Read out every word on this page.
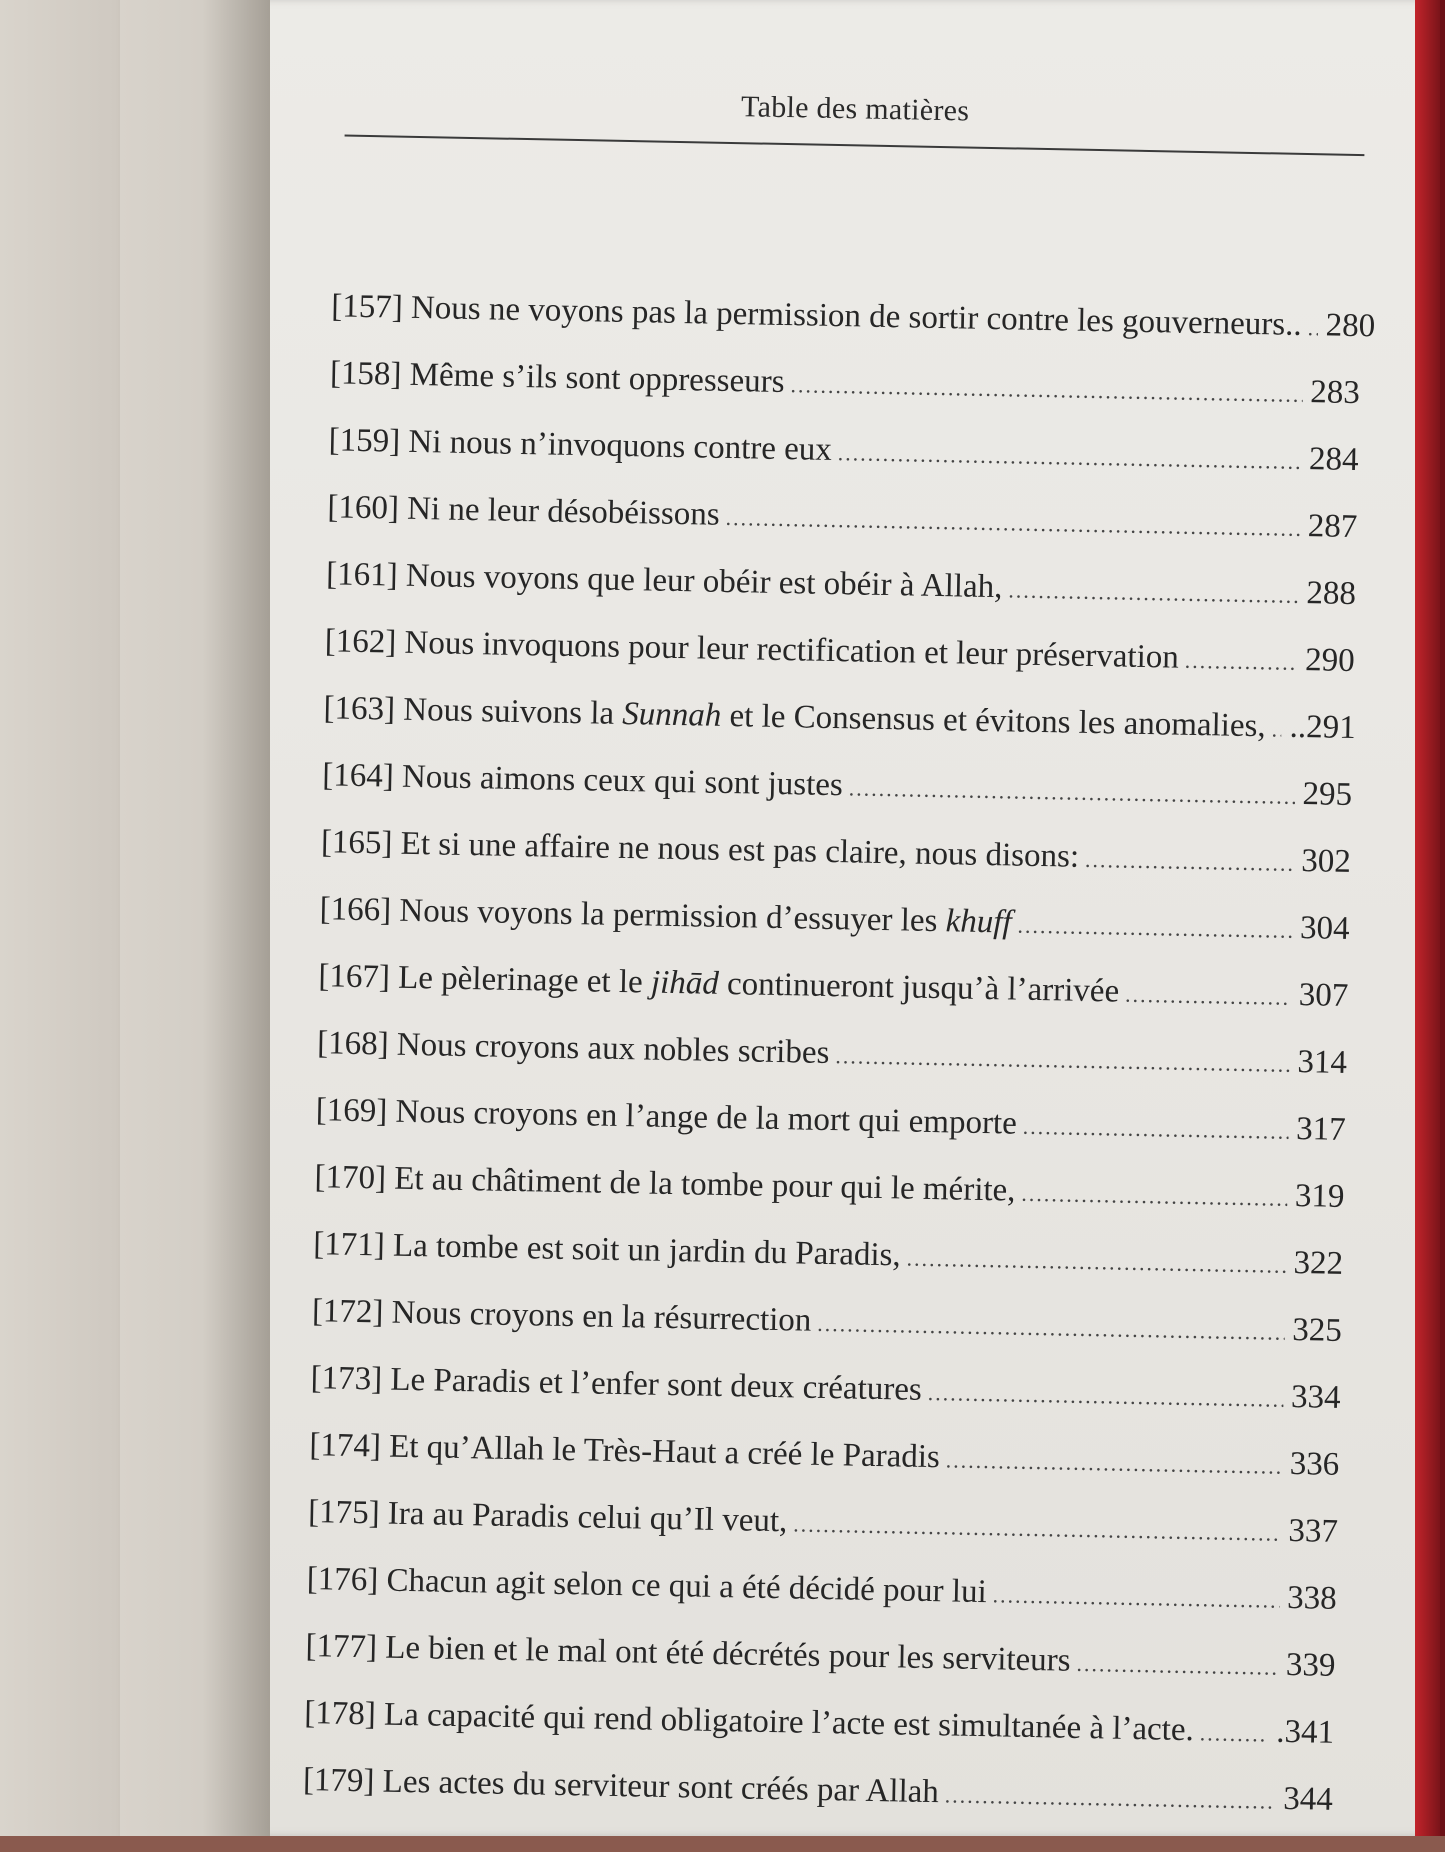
Table des matières
[157] Nous ne voyons pas la permission de sortir contre les gouverneurs.. ..... 280
[158] Même s’ils sont oppresseurs .....	283
[159] Ni nous n’invoquons contre eux .....	284
[160] Ni ne leur désobéissons .....	287
[161] Nous voyons que leur obéir est obéir à Allah, .....	288
[162] Nous invoquons pour leur rectification et leur préservation .....	290
[163] Nous suivons la Sunnah et le Consensus et évitons les anomalies, ..... ..291
[164] Nous aimons ceux qui sont justes .....	295
[165] Et si une affaire ne nous est pas claire, nous disons: .....	302
[166] Nous voyons la permission d’essuyer les khuff .....	304
[167] Le pèlerinage et le jihād continueront jusqu’à l’arrivée .....	307
[168] Nous croyons aux nobles scribes .....	314
[169] Nous croyons en l’ange de la mort qui emporte .....	317
[170] Et au châtiment de la tombe pour qui le mérite, .....	319
[171] La tombe est soit un jardin du Paradis, .....	322
[172] Nous croyons en la résurrection .....	325
[173] Le Paradis et l’enfer sont deux créatures .....	334
[174] Et qu’Allah le Très-Haut a créé le Paradis .....	336
[175] Ira au Paradis celui qu’Il veut, .....	337
[176] Chacun agit selon ce qui a été décidé pour lui .....	338
[177] Le bien et le mal ont été décrétés pour les serviteurs .....	339
[178] La capacité qui rend obligatoire l’acte est simultanée à l’acte. ..... .341
[179] Les actes du serviteur sont créés par Allah .....	344
